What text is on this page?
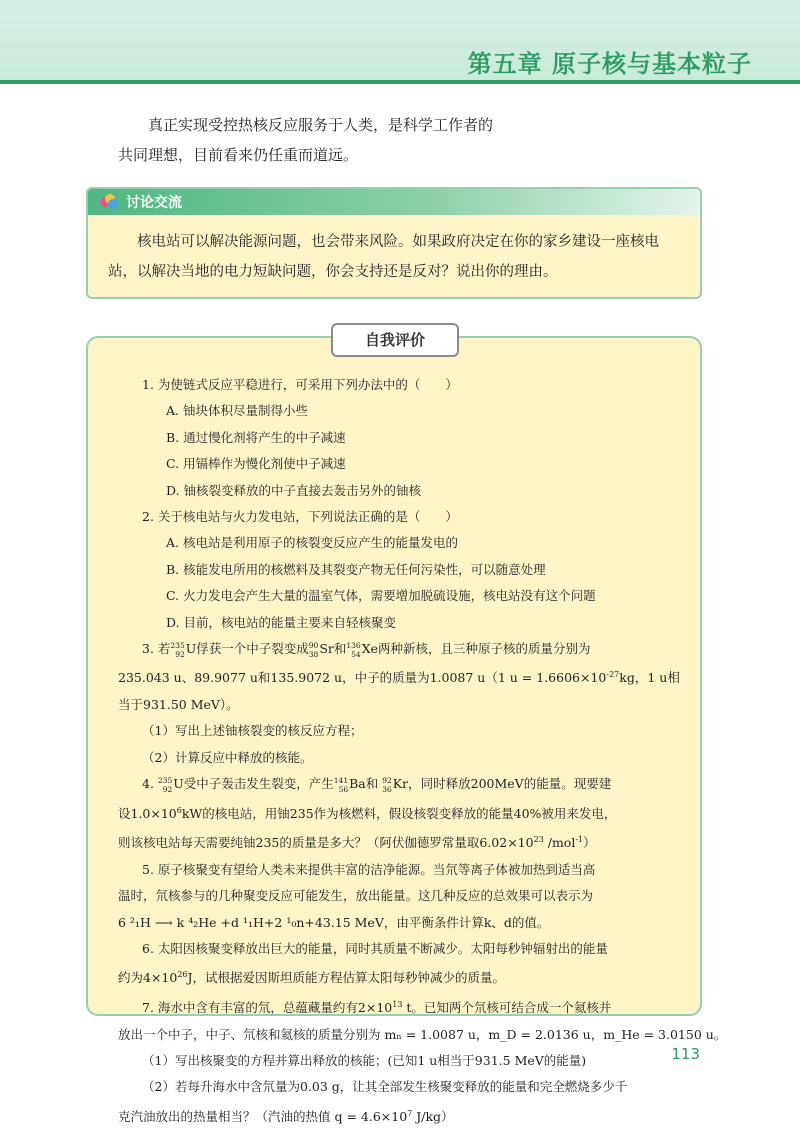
第五章 原子核与基本粒子

真正实现受控热核反应服务于人类，是科学工作者的

共同理想，目前看来仍任重而道远。

讨论交流
核电站可以解决能源问题，也会带来风险。如果政府决定在你的家乡建设一座核电站，以解决当地的电力短缺问题，你会支持还是反对？说出你的理由。
自我评价

1. 为使链式反应平稳进行，可采用下列办法中的（　　）

A. 铀块体积尽量制得小些

B. 通过慢化剂将产生的中子减速

C. 用镉棒作为慢化剂使中子减速

D. 铀核裂变释放的中子直接去轰击另外的铀核

2. 关于核电站与火力发电站，下列说法正确的是（　　）

A. 核电站是利用原子的核裂变反应产生的能量发电的

B. 核能发电所用的核燃料及其裂变产物无任何污染性，可以随意处理

C. 火力发电会产生大量的温室气体，需要增加脱硫设施，核电站没有这个问题

D. 目前，核电站的能量主要来自轻核聚变

3. 若 235
92 U俘获一个中子裂变成 90
38 Sr和 136
54 Xe两种新核，且三种原子核的质量分别为

235.043 u、89.9077 u和135.9072 u，中子的质量为1.0087 u（1 $u = 1.6606\times 10^{-27}kg$，1 u相

当于931.50 MeV）。

（1）写出上述铀核裂变的核反应方程；

（2）计算反应中释放的核能。

4. 235
92 U受中子轰击发生裂变，产生 141
56 Ba和 92
36 Kr，同时释放200MeV的能量。现要建

设$1.0\times 10^6kW$的核电站，用铀235作为核燃料，假设核裂变释放的能量40%被用来发电，

则该核电站每天需要纯铀235的质量是多大？（阿伏伽德罗常量取$6.02\times 10^{23}$ /mol$^{-1}$）

5. 原子核聚变有望给人类未来提供丰富的洁净能源。当氘等离子体被加热到适当高

温时，氘核参与的几种聚变反应可能发生，放出能量。这几种反应的总效果可以表示为

6 ²₁H ⟶ k ⁴₂He +d ¹₁H+2 ¹₀n+43.15 MeV，由平衡条件计算k、d的值。

6. 太阳因核聚变释放出巨大的能量，同时其质量不断减少。太阳每秒钟辐射出的能量

约为$4\times 10^{26}J$，试根据爱因斯坦质能方程估算太阳每秒钟减少的质量。

7. 海水中含有丰富的氘，总蕴藏量约有$2\times 10^{13}$ t。已知两个氘核可结合成一个氦核并

放出一个中子，中子、氘核和氦核的质量分别为 mₙ = 1.0087 u，m_D = 2.0136 u，m_He = 3.0150 u。

（1）写出核聚变的方程并算出释放的核能；(已知1 u相当于931.5 MeV的能量)

（2）若每升海水中含氘量为0.03 g，让其全部发生核聚变释放的能量和完全燃烧多少千

克汽油放出的热量相当？（汽油的热值 $q = 4.6\times 10^7$ J/kg）

113
